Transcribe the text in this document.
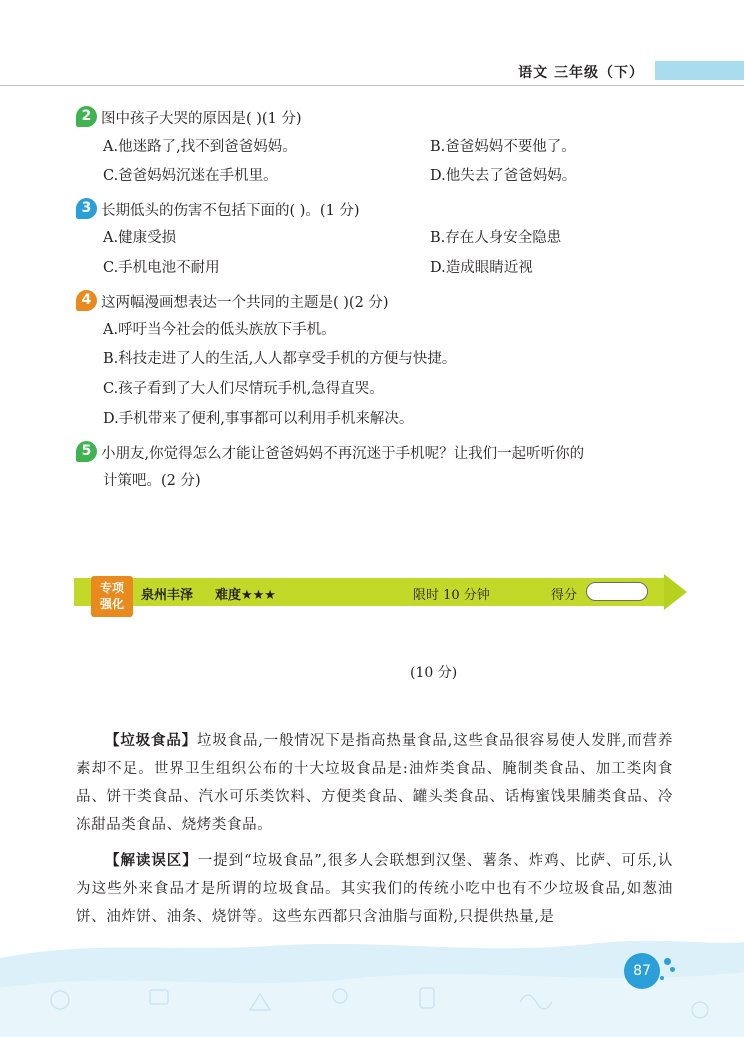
语文 三年级（下）
2 图中孩子大哭的原因是( )(1 分)
A.他迷路了,找不到爸爸妈妈。	B.爸爸妈妈不要他了。
C.爸爸妈妈沉迷在手机里。	D.他失去了爸爸妈妈。
3 长期低头的伤害不包括下面的( )。(1 分)
A.健康受损	B.存在人身安全隐患
C.手机电池不耐用	D.造成眼睛近视
4 这两幅漫画想表达一个共同的主题是( )(2 分)
A.呼吁当今社会的低头族放下手机。
B.科技走进了人的生活,人人都享受手机的方便与快捷。
C.孩子看到了大人们尽情玩手机,急得直哭。
D.手机带来了便利,事事都可以利用手机来解决。
5 小朋友,你觉得怎么才能让爸爸妈妈不再沉迷于手机呢？让我们一起听听你的
计策吧。(2 分)
专项
强化
泉州丰泽 难度★★★	限时 10 分钟	得分
(10 分)
【垃圾食品】垃圾食品,一般情况下是指高热量食品,这些食品很容易使人发胖,而营养素却不足。世界卫生组织公布的十大垃圾食品是:油炸类食品、腌制类食品、加工类肉食品、饼干类食品、汽水可乐类饮料、方便类食品、罐头类食品、话梅蜜饯果脯类食品、冷冻甜品类食品、烧烤类食品。
【解读误区】一提到“垃圾食品”,很多人会联想到汉堡、薯条、炸鸡、比萨、可乐,认为这些外来食品才是所谓的垃圾食品。其实我们的传统小吃中也有不少垃圾食品,如葱油饼、油炸饼、油条、烧饼等。这些东西都只含油脂与面粉,只提供热量,是
87
